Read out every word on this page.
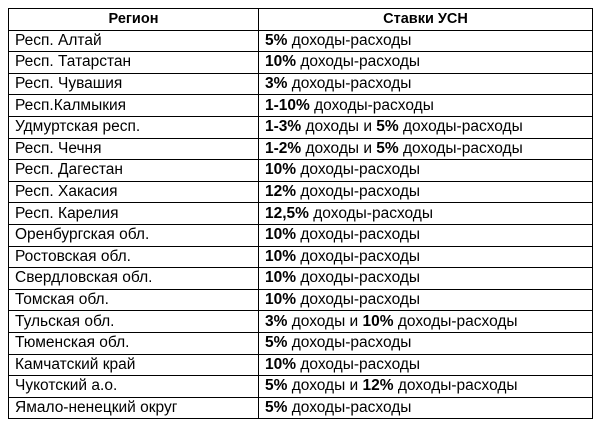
Регион	Ставки УСН
Респ. Алтай	5% доходы-расходы
Респ. Татарстан	10% доходы-расходы
Респ. Чувашия	3% доходы-расходы
Респ.Калмыкия	1-10% доходы-расходы
Удмуртская респ.	1-3% доходы и 5% доходы-расходы
Респ. Чечня	1-2% доходы и 5% доходы-расходы
Респ. Дагестан	10% доходы-расходы
Респ. Хакасия	12% доходы-расходы
Респ. Карелия	12,5% доходы-расходы
Оренбургская обл.	10% доходы-расходы
Ростовская обл.	10% доходы-расходы
Свердловская обл.	10% доходы-расходы
Томская обл.	10% доходы-расходы
Тульская обл.	3% доходы и 10% доходы-расходы
Тюменская обл.	5% доходы-расходы
Камчатский край	10% доходы-расходы
Чукотский а.о.	5% доходы и 12% доходы-расходы
Ямало-ненецкий округ	5% доходы-расходы
